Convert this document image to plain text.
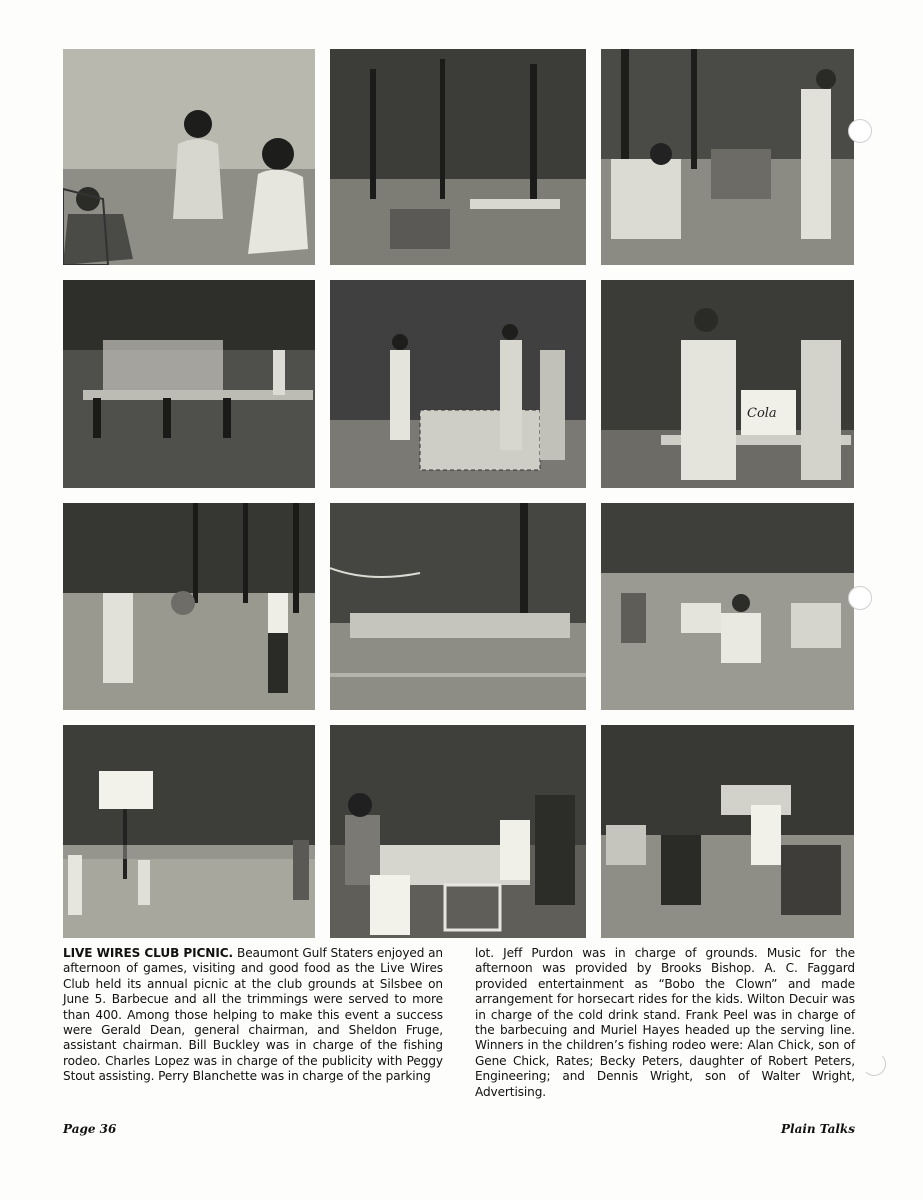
Cola

LIVE WIRES CLUB PICNIC. Beaumont Gulf Staters enjoyed an afternoon of games, visiting and good food as the Live Wires Club held its annual picnic at the club grounds at Silsbee on June 5. Barbecue and all the trimmings were served to more than 400. Among those helping to make this event a success were Gerald Dean, general chairman, and Sheldon Fruge, assistant chairman. Bill Buckley was in charge of the fishing rodeo. Charles Lopez was in charge of the publicity with Peggy Stout assisting. Perry Blanchette was in charge of the parking

lot. Jeff Purdon was in charge of grounds. Music for the afternoon was provided by Brooks Bishop. A. C. Faggard provided entertainment as “Bobo the Clown” and made arrangement for horsecart rides for the kids. Wilton Decuir was in charge of the cold drink stand. Frank Peel was in charge of the barbecuing and Muriel Hayes headed up the serving line. Winners in the children’s fishing rodeo were: Alan Chick, son of Gene Chick, Rates; Becky Peters, daughter of Robert Peters, Engineering; and Dennis Wright, son of Walter Wright, Advertising.

Page 36	Plain Talks
